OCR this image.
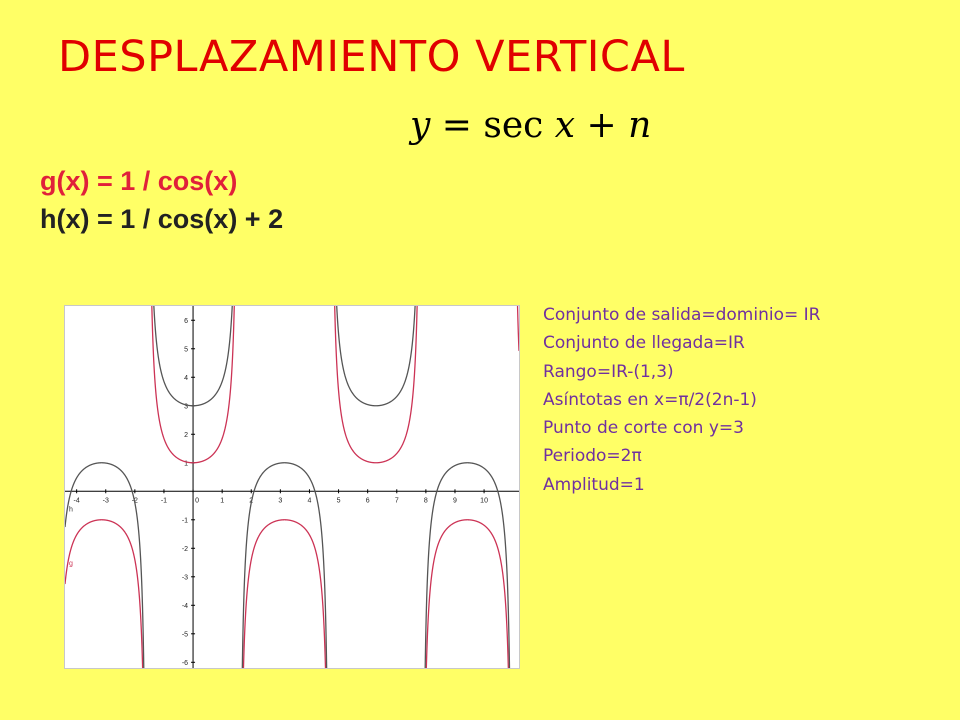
DESPLAZAMIENTO VERTICAL
y = sec x + n
g(x) = 1 / cos(x)
h(x) = 1 / cos(x) + 2
-4	-3	-2	-1	0	1	2	3	4	5	6	7	8	9	10
-6
-5
-4
-3
-2
-1
1
2
3
4
5
6
h
g
Conjunto de salida=dominio= IR
Conjunto de llegada=IR
Rango=IR-(1,3)
Asíntotas en x=π/2(2n-1)
Punto de corte con y=3
Periodo=2π
Amplitud=1
